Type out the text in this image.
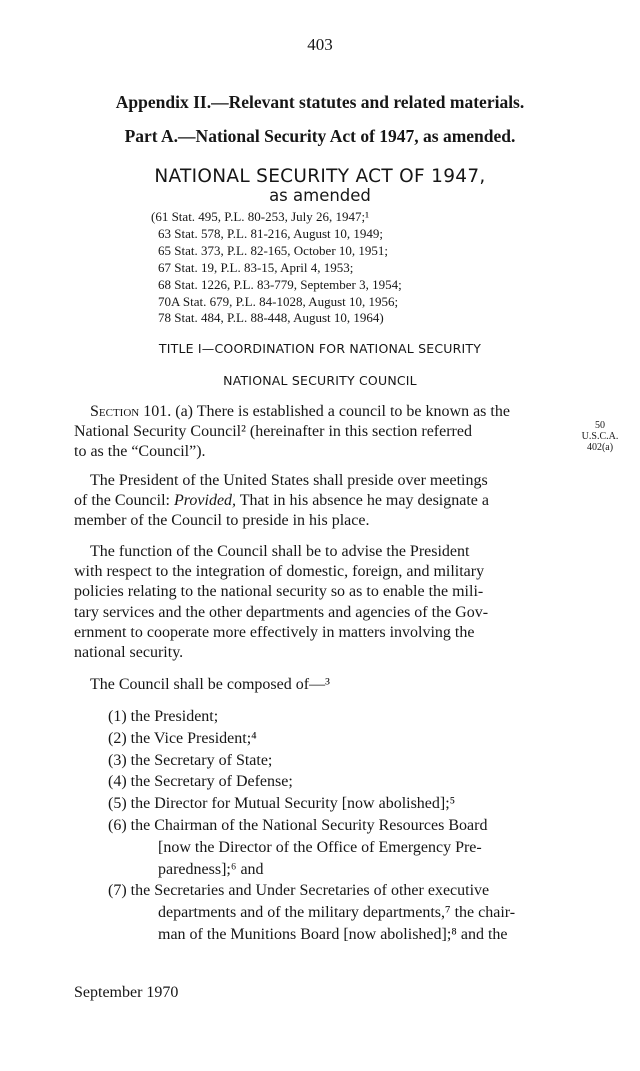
403
Appendix II.—Relevant statutes and related materials.
Part A.—National Security Act of 1947, as amended.
NATIONAL SECURITY ACT OF 1947,
as amended
(61 Stat. 495, P.L. 80-253, July 26, 1947;¹
63 Stat. 578, P.L. 81-216, August 10, 1949;
65 Stat. 373, P.L. 82-165, October 10, 1951;
67 Stat. 19, P.L. 83-15, April 4, 1953;
68 Stat. 1226, P.L. 83-779, September 3, 1954;
70A Stat. 679, P.L. 84-1028, August 10, 1956;
78 Stat. 484, P.L. 88-448, August 10, 1964)
TITLE I—COORDINATION FOR NATIONAL SECURITY
NATIONAL SECURITY COUNCIL
Section 101. (a) There is established a council to be known as the
National Security Council² (hereinafter in this section referred
to as the “Council”).
50
U.S.C.A.
402(a)
The President of the United States shall preside over meetings
of the Council: Provided, That in his absence he may designate a
member of the Council to preside in his place.
The function of the Council shall be to advise the President
with respect to the integration of domestic, foreign, and military
policies relating to the national security so as to enable the mili-
tary services and the other departments and agencies of the Gov-
ernment to cooperate more effectively in matters involving the
national security.
The Council shall be composed of—³
(1) the President;
(2) the Vice President;⁴
(3) the Secretary of State;
(4) the Secretary of Defense;
(5) the Director for Mutual Security [now abolished];⁵
(6) the Chairman of the National Security Resources Board
[now the Director of the Office of Emergency Pre-
paredness];⁶ and
(7) the Secretaries and Under Secretaries of other executive
departments and of the military departments,⁷ the chair-
man of the Munitions Board [now abolished];⁸ and the
September 1970
